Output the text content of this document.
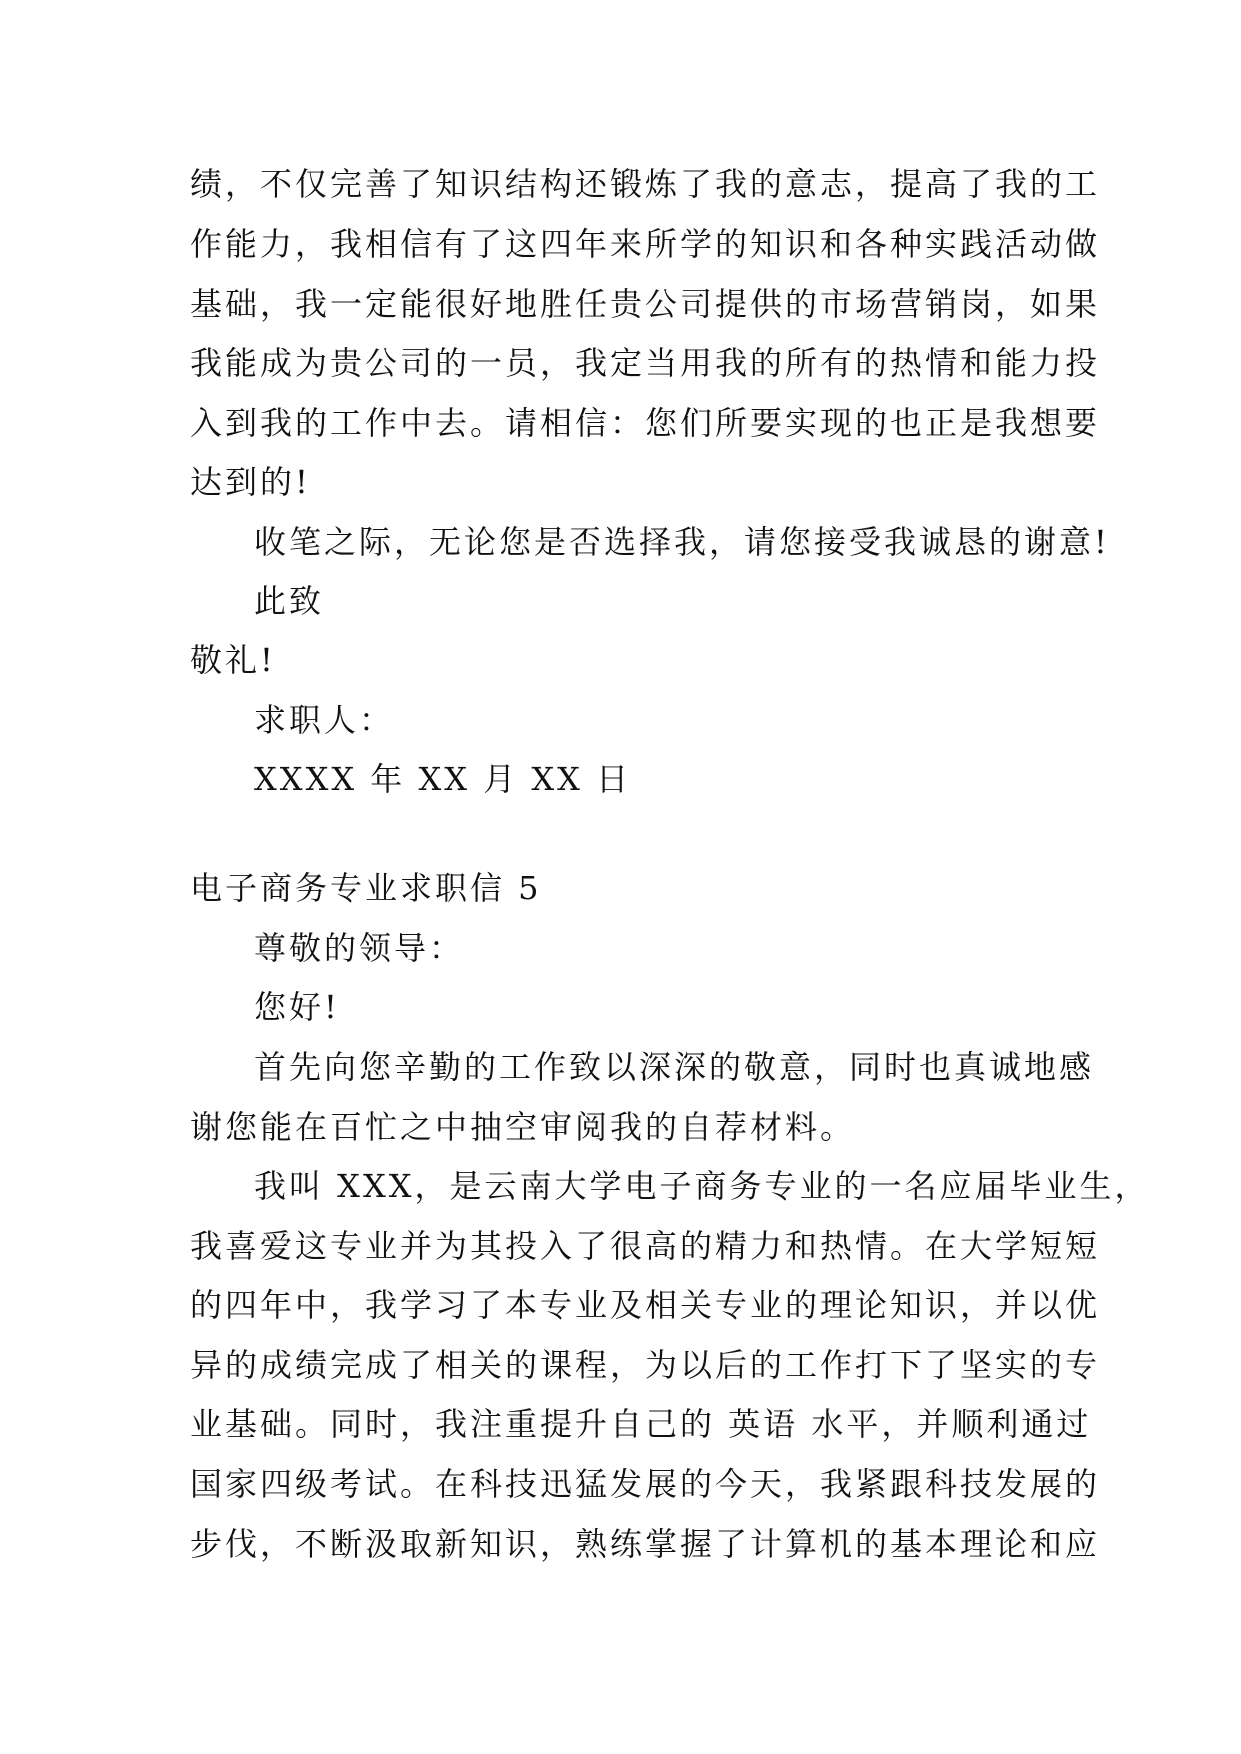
绩，不仅完善了知识结构还锻炼了我的意志，提高了我的工
作能力，我相信有了这四年来所学的知识和各种实践活动做
基础，我一定能很好地胜任贵公司提供的市场营销岗，如果
我能成为贵公司的一员，我定当用我的所有的热情和能力投
入到我的工作中去。请相信：您们所要实现的也正是我想要
达到的!
收笔之际，无论您是否选择我，请您接受我诚恳的谢意!
此致
敬礼!
求职人：
XXXX 年 XX 月 XX 日
电子商务专业求职信 5
尊敬的领导：
您好!
首先向您辛勤的工作致以深深的敬意，同时也真诚地感
谢您能在百忙之中抽空审阅我的自荐材料。
我叫 XXX，是云南大学电子商务专业的一名应届毕业生，
我喜爱这专业并为其投入了很高的精力和热情。在大学短短
的四年中，我学习了本专业及相关专业的理论知识，并以优
异的成绩完成了相关的课程，为以后的工作打下了坚实的专
业基础。同时，我注重提升自己的 英语 水平，并顺利通过
国家四级考试。在科技迅猛发展的今天，我紧跟科技发展的
步伐，不断汲取新知识，熟练掌握了计算机的基本理论和应
